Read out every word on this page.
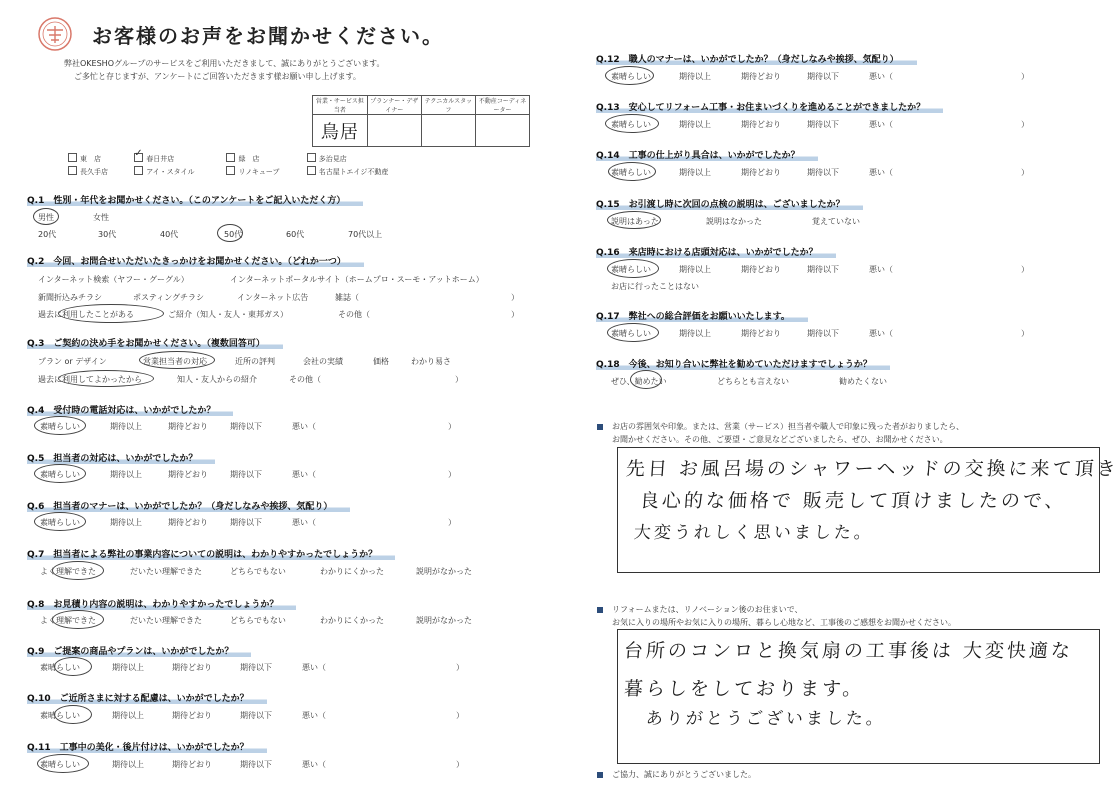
お客様のお声をお聞かせください。
弊社OKESHOグループのサービスをご利用いただきまして、誠にありがとうございます。
ご多忙と存じますが、アンケートにご回答いただきます様お願い申し上げます。
営業・サービス担当者	プランナー・デザイナー	テクニカルスタッフ	不動産コーディネーター
鳥居			
東　店	✓ 春日井店	緑　店	多治見店
長久手店	アイ・スタイル	リノキューブ	名古屋トエイジ不動産
Q.1　 性別・年代をお聞かせください。（このアンケートをご記入いただく方）
男性	女性
20代	30代	40代	50代	60代	70代以上
Q.2　 今回、お問合せいただいたきっかけをお聞かせください。（どれか一つ）
インターネット検索（ヤフー・グーグル）	インターネットポータルサイト（ホームプロ・スーモ・アットホーム）
新聞折込みチラシ	ポスティングチラシ	インターネット広告	雑誌（	）
過去に利用したことがある	ご紹介（知人・友人・東邦ガス）	その他（	）
Q.3　 ご契約の決め手をお聞かせください。（複数回答可）
プラン or デザイン	営業担当者の対応	近所の評判	会社の実績	価格	わかり易さ
過去に利用してよかったから	知人・友人からの紹介	その他（	）
Q.4　 受付時の電話対応は、いかがでしたか？
素晴らしい	期待以上	期待どおり	期待以下	悪い（	）
Q.5　 担当者の対応は、いかがでしたか？
素晴らしい	期待以上	期待どおり	期待以下	悪い（	）
Q.6　 担当者のマナーは、いかがでしたか？（身だしなみや挨拶、気配り）
素晴らしい	期待以上	期待どおり	期待以下	悪い（	）
Q.7　 担当者による弊社の事業内容についての説明は、わかりやすかったでしょうか？
よく理解できた	だいたい理解できた	どちらでもない	わかりにくかった	説明がなかった
Q.8　 お見積り内容の説明は、わかりやすかったでしょうか？
よく理解できた	だいたい理解できた	どちらでもない	わかりにくかった	説明がなかった
Q.9　 ご提案の商品やプランは、いかがでしたか？
素晴らしい	期待以上	期待どおり	期待以下	悪い（	）
Q.10　 ご近所さまに対する配慮は、いかがでしたか？
素晴らしい	期待以上	期待どおり	期待以下	悪い（	）
Q.11　 工事中の美化・後片付けは、いかがでしたか？
素晴らしい	期待以上	期待どおり	期待以下	悪い（	）
Q.12　 職人のマナーは、いかがでしたか？（身だしなみや挨拶、気配り）
素晴らしい	期待以上	期待どおり	期待以下	悪い（	）
Q.13　 安心してリフォーム工事・お住まいづくりを進めることができましたか？
素晴らしい	期待以上	期待どおり	期待以下	悪い（	）
Q.14　 工事の仕上がり具合は、いかがでしたか？
素晴らしい	期待以上	期待どおり	期待以下	悪い（	）
Q.15　 お引渡し時に次回の点検の説明は、ございましたか？
説明はあった	説明はなかった	覚えていない
Q.16　 来店時における店頭対応は、いかがでしたか？
素晴らしい	期待以上	期待どおり	期待以下	悪い（	）
お店に行ったことはない
Q.17　 弊社への総合評価をお願いいたします。
素晴らしい	期待以上	期待どおり	期待以下	悪い（	）
Q.18　 今後、お知り合いに弊社を勧めていただけますでしょうか？
ぜひ、勧めたい	どちらとも言えない	勧めたくない
お店の雰囲気や印象。または、営業（サービス）担当者や職人で印象に残った者がおりましたら、
お聞かせください。その他、ご要望・ご意見などございましたら、ぜひ、お聞かせください。
先日 お風呂場のシャワーヘッドの交換に来て頂き
良心的な価格で 販売して頂けましたので、
大変うれしく思いました。
リフォームまたは、リノベーション後のお住まいで、
お気に入りの場所やお気に入りの場所、暮らし心地など、工事後のご感想をお聞かせください。
台所のコンロと換気扇の工事後は 大変快適な
暮らしをしております。
ありがとうございました。
ご協力、誠にありがとうございました。
